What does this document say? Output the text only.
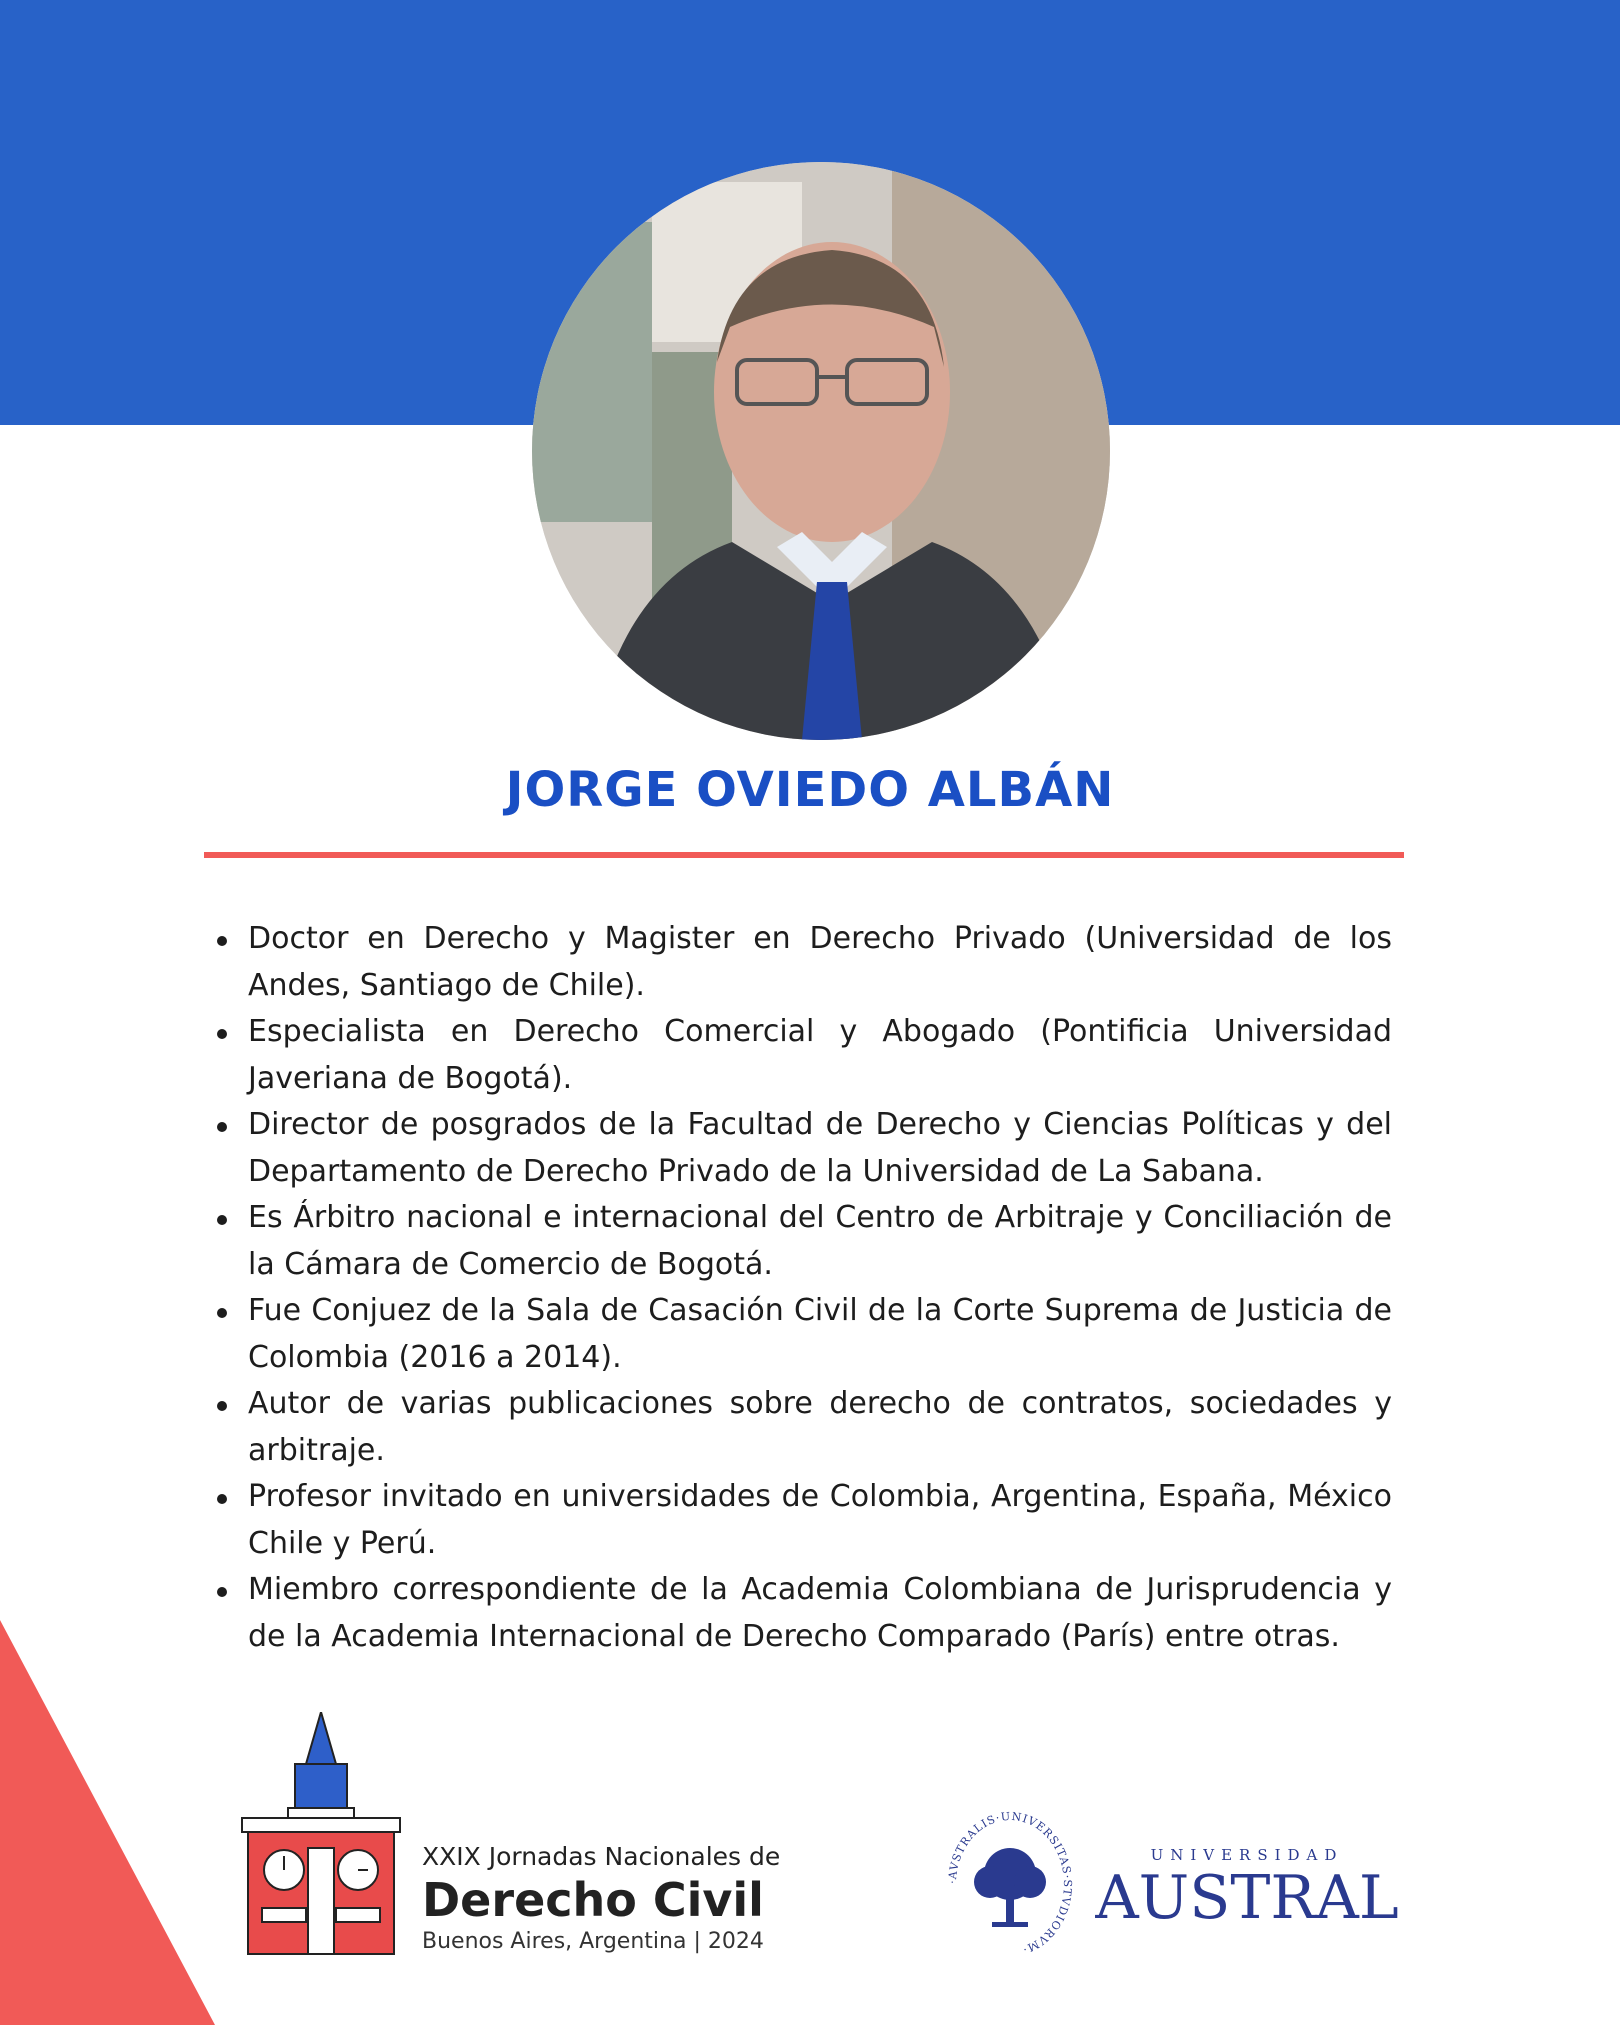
JORGE OVIEDO ALBÁN
Doctor en Derecho y Magister en Derecho Privado (Universidad de los Andes, Santiago de Chile).
Especialista en Derecho Comercial y Abogado (Pontificia Universidad Javeriana de Bogotá).
Director de posgrados de la Facultad de Derecho y Ciencias Políticas y del Departamento de Derecho Privado de la Universidad de La Sabana.
Es Árbitro nacional e internacional del Centro de Arbitraje y Conciliación de la Cámara de Comercio de Bogotá.
Fue Conjuez de la Sala de Casación Civil de la Corte Suprema de Justicia de Colombia (2016 a 2014).
Autor de varias publicaciones sobre derecho de contratos, sociedades y arbitraje.
Profesor invitado en universidades de Colombia, Argentina, España, México Chile y Perú.
Miembro correspondiente de la Academia Colombiana de Jurisprudencia y de la Academia Internacional de Derecho Comparado (París) entre otras.
XXIX Jornadas Nacionales de
Derecho Civil
Buenos Aires, Argentina | 2024
·AVSTRALIS·UNIVERSITAS·STVDIORVM·
UNIVERSIDAD
AUSTRAL
